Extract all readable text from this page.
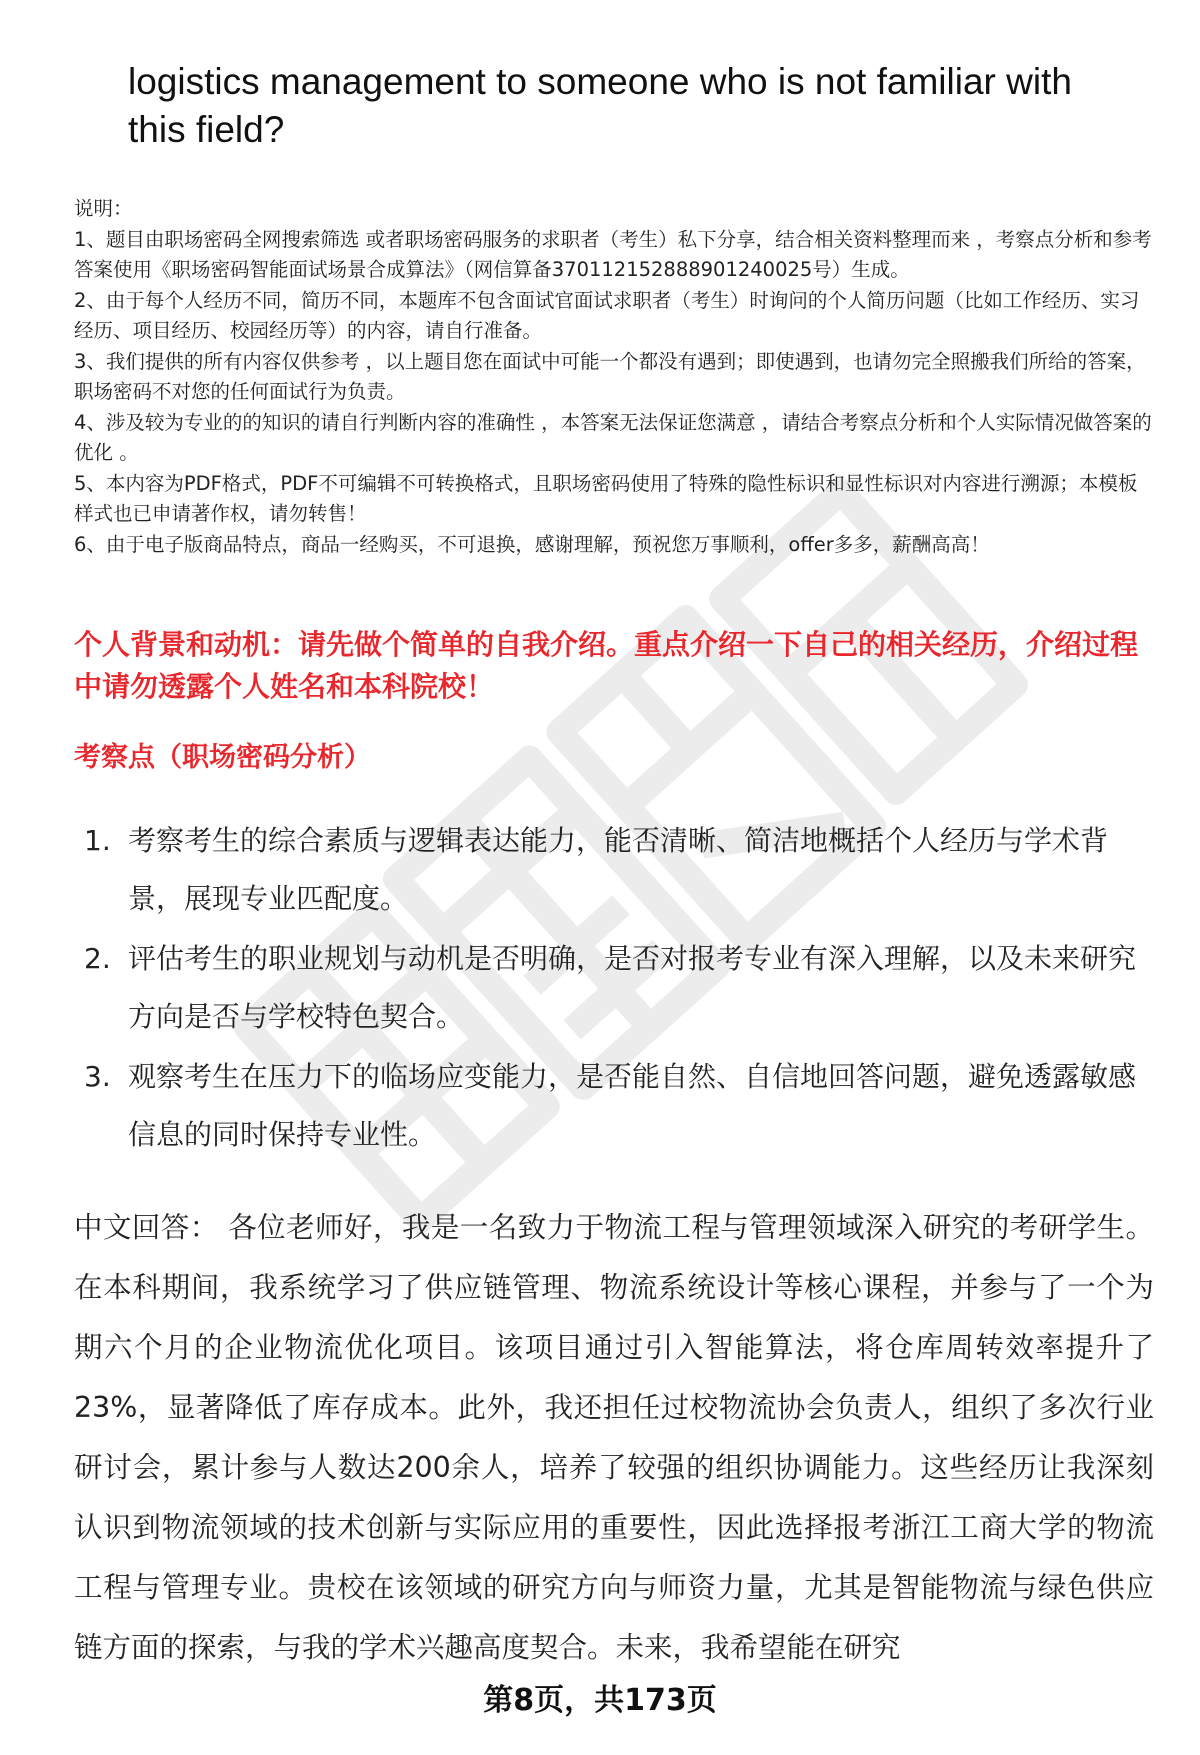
logistics management to someone who is not familiar with this field?

说明：

1、题目由职场密码全网搜索筛选 或者职场密码服务的求职者（考生）私下分享，结合相关资料整理而来 ，考察点分析和参考答案使用《职场密码智能面试场景合成算法》（网信算备370112152888901240025号）生成。

2、由于每个人经历不同，简历不同，本题库不包含面试官面试求职者（考生）时询问的个人简历问题（比如工作经历、实习经历、项目经历、校园经历等）的内容，请自行准备。

3、我们提供的所有内容仅供参考 ，以上题目您在面试中可能一个都没有遇到；即使遇到，也请勿完全照搬我们所给的答案，职场密码不对您的任何面试行为负责。

4、涉及较为专业的的知识的请自行判断内容的准确性 ，本答案无法保证您满意 ，请结合考察点分析和个人实际情况做答案的优化 。

5、本内容为PDF格式，PDF不可编辑不可转换格式，且职场密码使用了特殊的隐性标识和显性标识对内容进行溯源；本模板样式也已申请著作权，请勿转售！

6、由于电子版商品特点，商品一经购买，不可退换，感谢理解，预祝您万事顺利，offer多多，薪酬高高！

个人背景和动机：请先做个简单的自我介绍。重点介绍一下自己的相关经历，介绍过程中请勿透露个人姓名和本科院校！

考察点（职场密码分析）

1. 考察考生的综合素质与逻辑表达能力，能否清晰、简洁地概括个人经历与学术背景，展现专业匹配度。
2. 评估考生的职业规划与动机是否明确，是否对报考专业有深入理解，以及未来研究方向是否与学校特色契合。
3. 观察考生在压力下的临场应变能力，是否能自然、自信地回答问题，避免透露敏感信息的同时保持专业性。

中文回答： 各位老师好，我是一名致力于物流工程与管理领域深入研究的考研学生。在本科期间，我系统学习了供应链管理、物流系统设计等核心课程，并参与了一个为期六个月的企业物流优化项目。该项目通过引入智能算法，将仓库周转效率提升了23%，显著降低了库存成本。此外，我还担任过校物流协会负责人，组织了多次行业研讨会，累计参与人数达200余人，培养了较强的组织协调能力。这些经历让我深刻认识到物流领域的技术创新与实际应用的重要性，因此选择报考浙江工商大学的物流工程与管理专业。贵校在该领域的研究方向与师资力量，尤其是智能物流与绿色供应链方面的探索，与我的学术兴趣高度契合。未来，我希望能在研究

第8页，共173页
